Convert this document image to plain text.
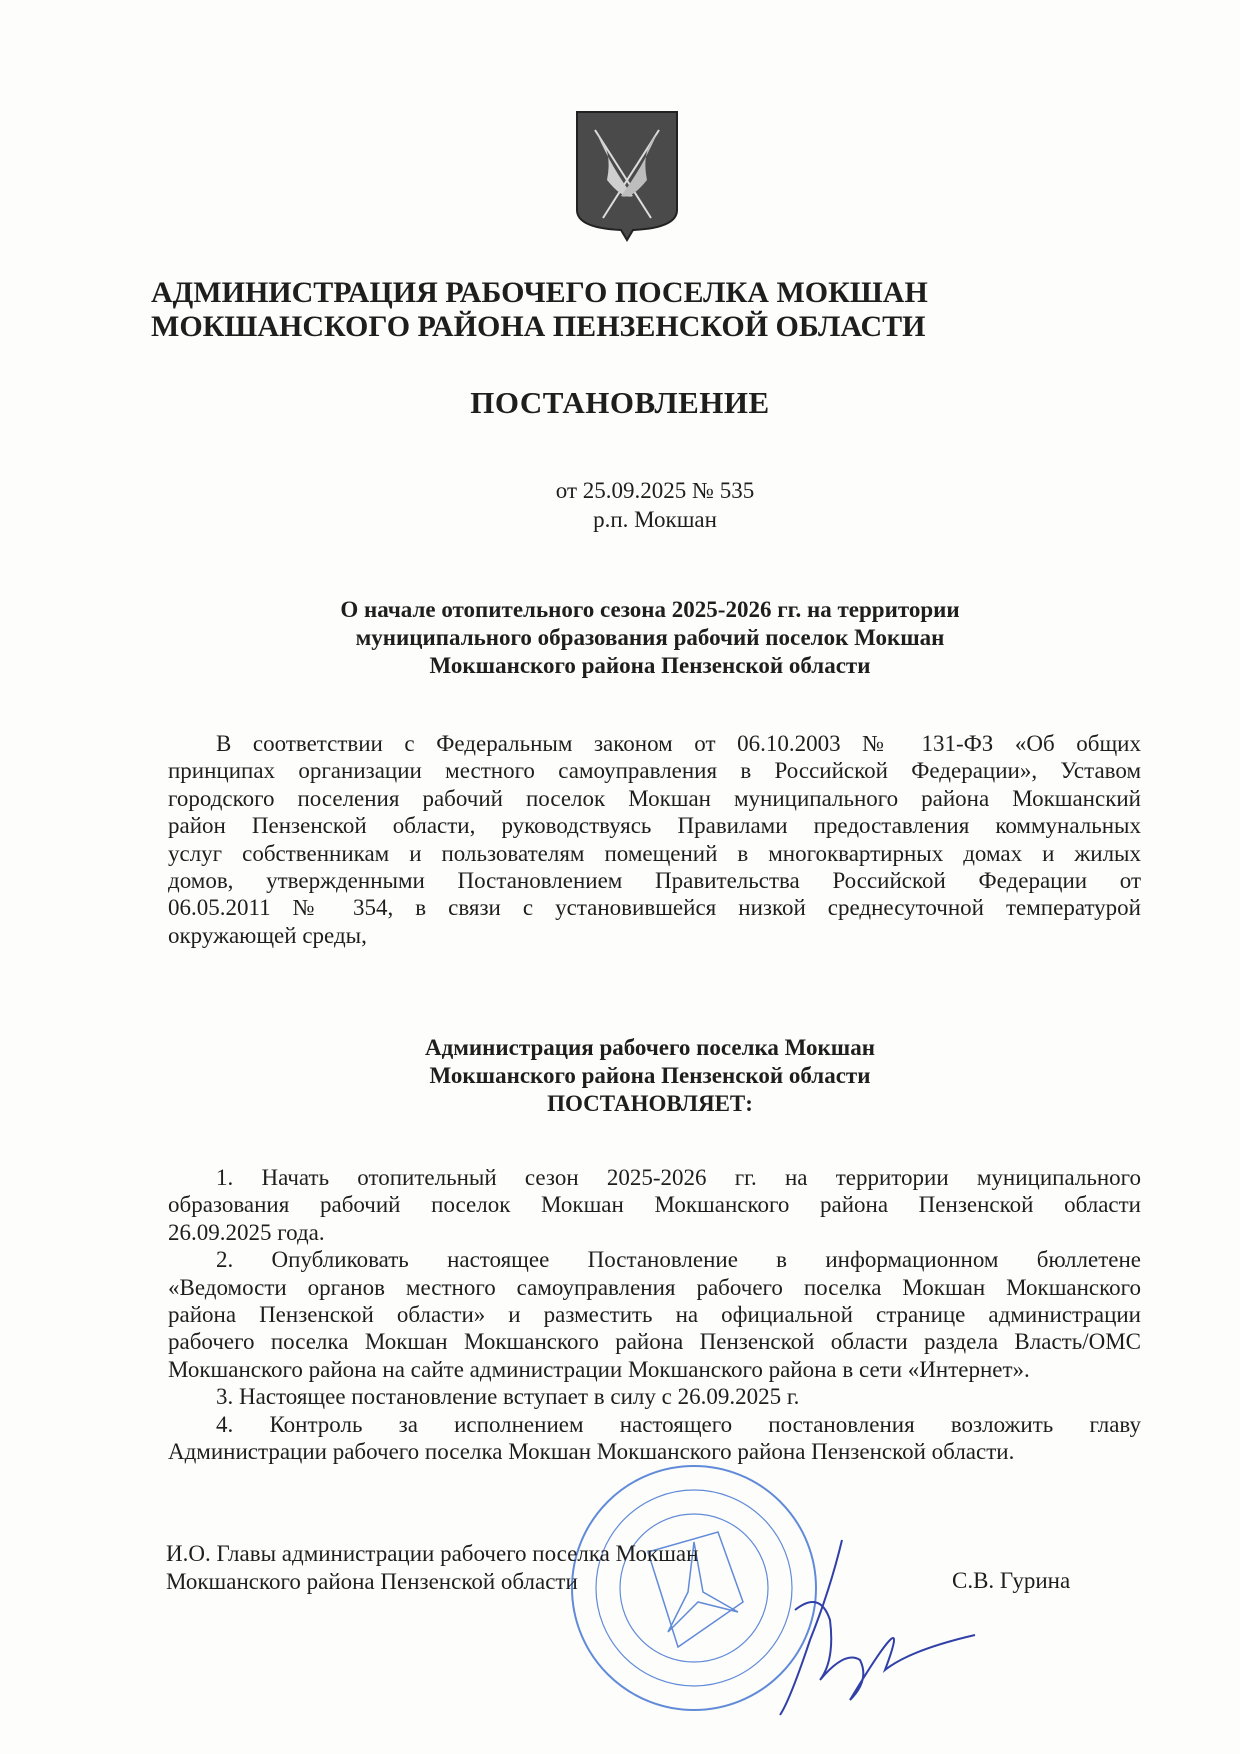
АДМИНИСТРАЦИЯ РАБОЧЕГО ПОСЕЛКА МОКШАН
МОКШАНСКОГО РАЙОНА ПЕНЗЕНСКОЙ ОБЛАСТИ
ПОСТАНОВЛЕНИЕ
от 25.09.2025 № 535
р.п. Мокшан
О начале отопительного сезона 2025-2026 гг. на территории
муниципального образования рабочий поселок Мокшан
Мокшанского района Пензенской области
В соответствии с Федеральным законом от 06.10.2003 № 131-ФЗ «Об общих
принципах организации местного самоуправления в Российской Федерации», Уставом
городского поселения рабочий поселок Мокшан муниципального района Мокшанский
район Пензенской области, руководствуясь Правилами предоставления коммунальных
услуг собственникам и пользователям помещений в многоквартирных домах и жилых
домов, утвержденными Постановлением Правительства Российской Федерации от
06.05.2011 № 354, в связи с установившейся низкой среднесуточной температурой
окружающей среды,
Администрация рабочего поселка Мокшан
Мокшанского района Пензенской области
ПОСТАНОВЛЯЕТ:
1. Начать отопительный сезон 2025-2026 гг. на территории муниципального
образования рабочий поселок Мокшан Мокшанского района Пензенской области
26.09.2025 года.
2. Опубликовать настоящее Постановление в информационном бюллетене
«Ведомости органов местного самоуправления рабочего поселка Мокшан Мокшанского
района Пензенской области» и разместить на официальной странице администрации
рабочего поселка Мокшан Мокшанского района Пензенской области раздела Власть/ОМС
Мокшанского района на сайте администрации Мокшанского района в сети «Интернет».
3. Настоящее постановление вступает в силу с 26.09.2025 г.
4. Контроль за исполнением настоящего постановления возложить главу
Администрации рабочего поселка Мокшан Мокшанского района Пензенской области.
И.О. Главы администрации рабочего поселка Мокшан
Мокшанского района Пензенской области	С.В. Гурина
